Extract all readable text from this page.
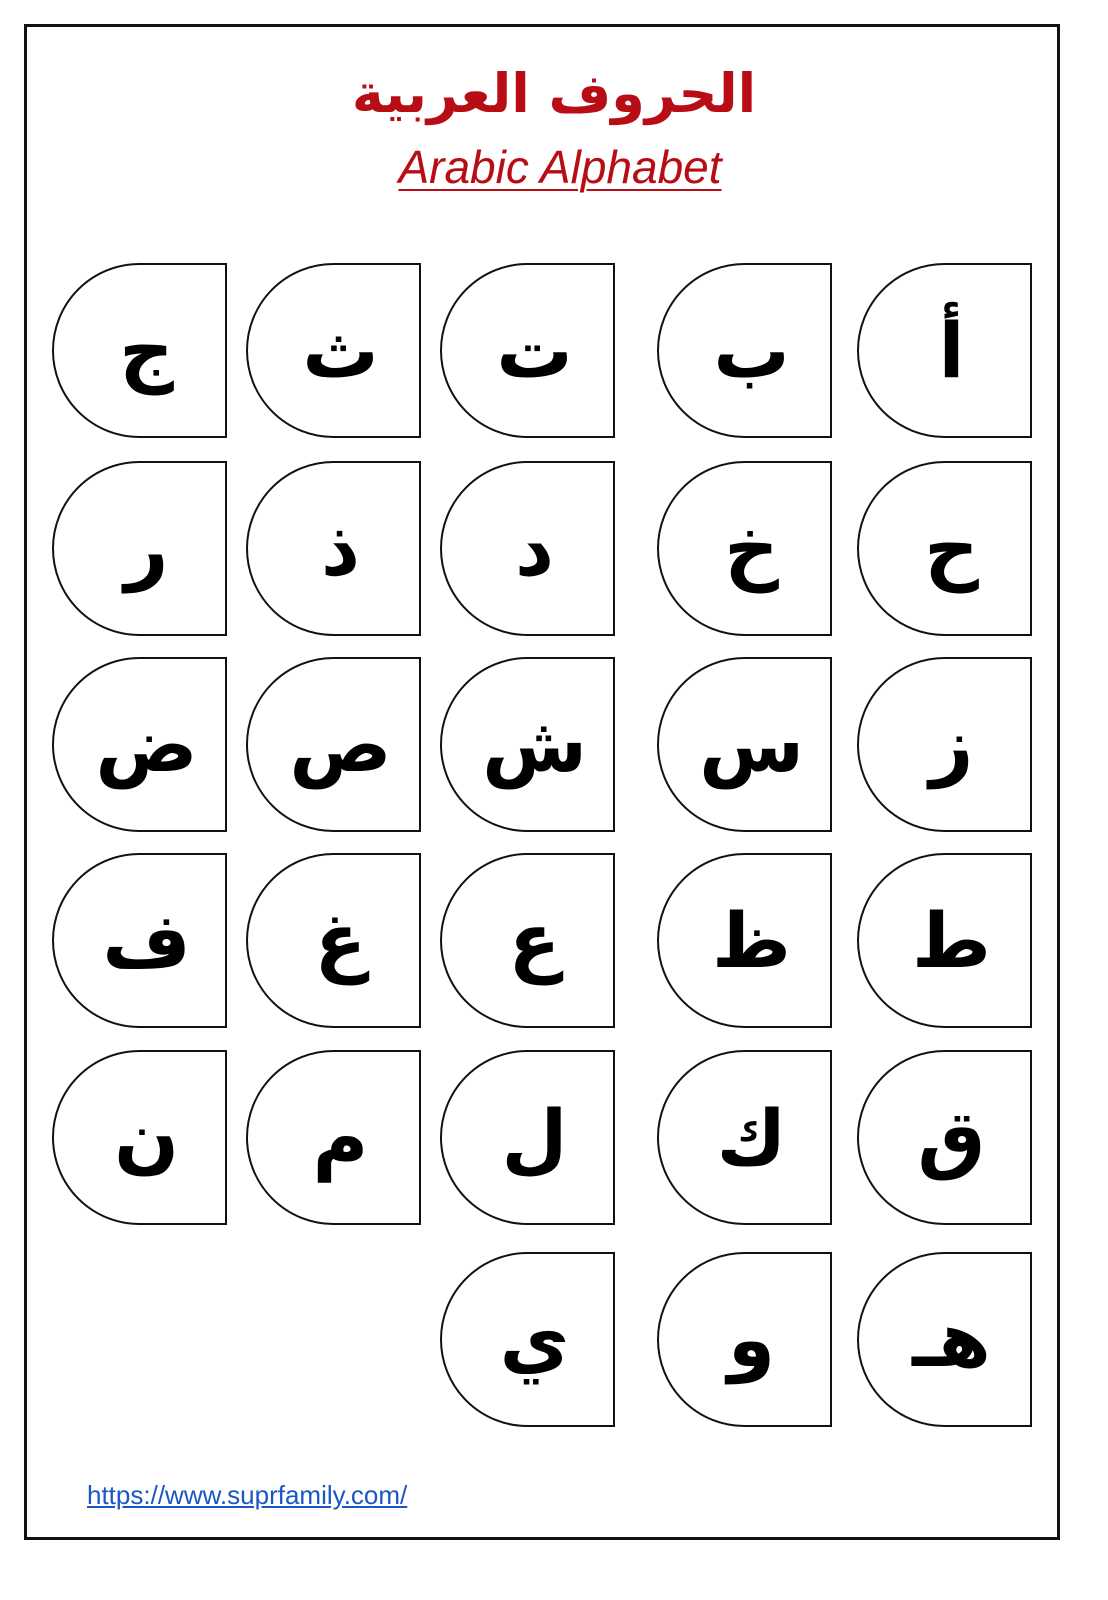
الحروف العربية
Arabic Alphabet
أ
ب
ت
ث
ج
ح
خ
د
ذ
ر
ز
س
ش
ص
ض
ط
ظ
ع
غ
ف
ق
ك
ل
م
ن
هـ
و
ي
https://www.suprfamily.com/
